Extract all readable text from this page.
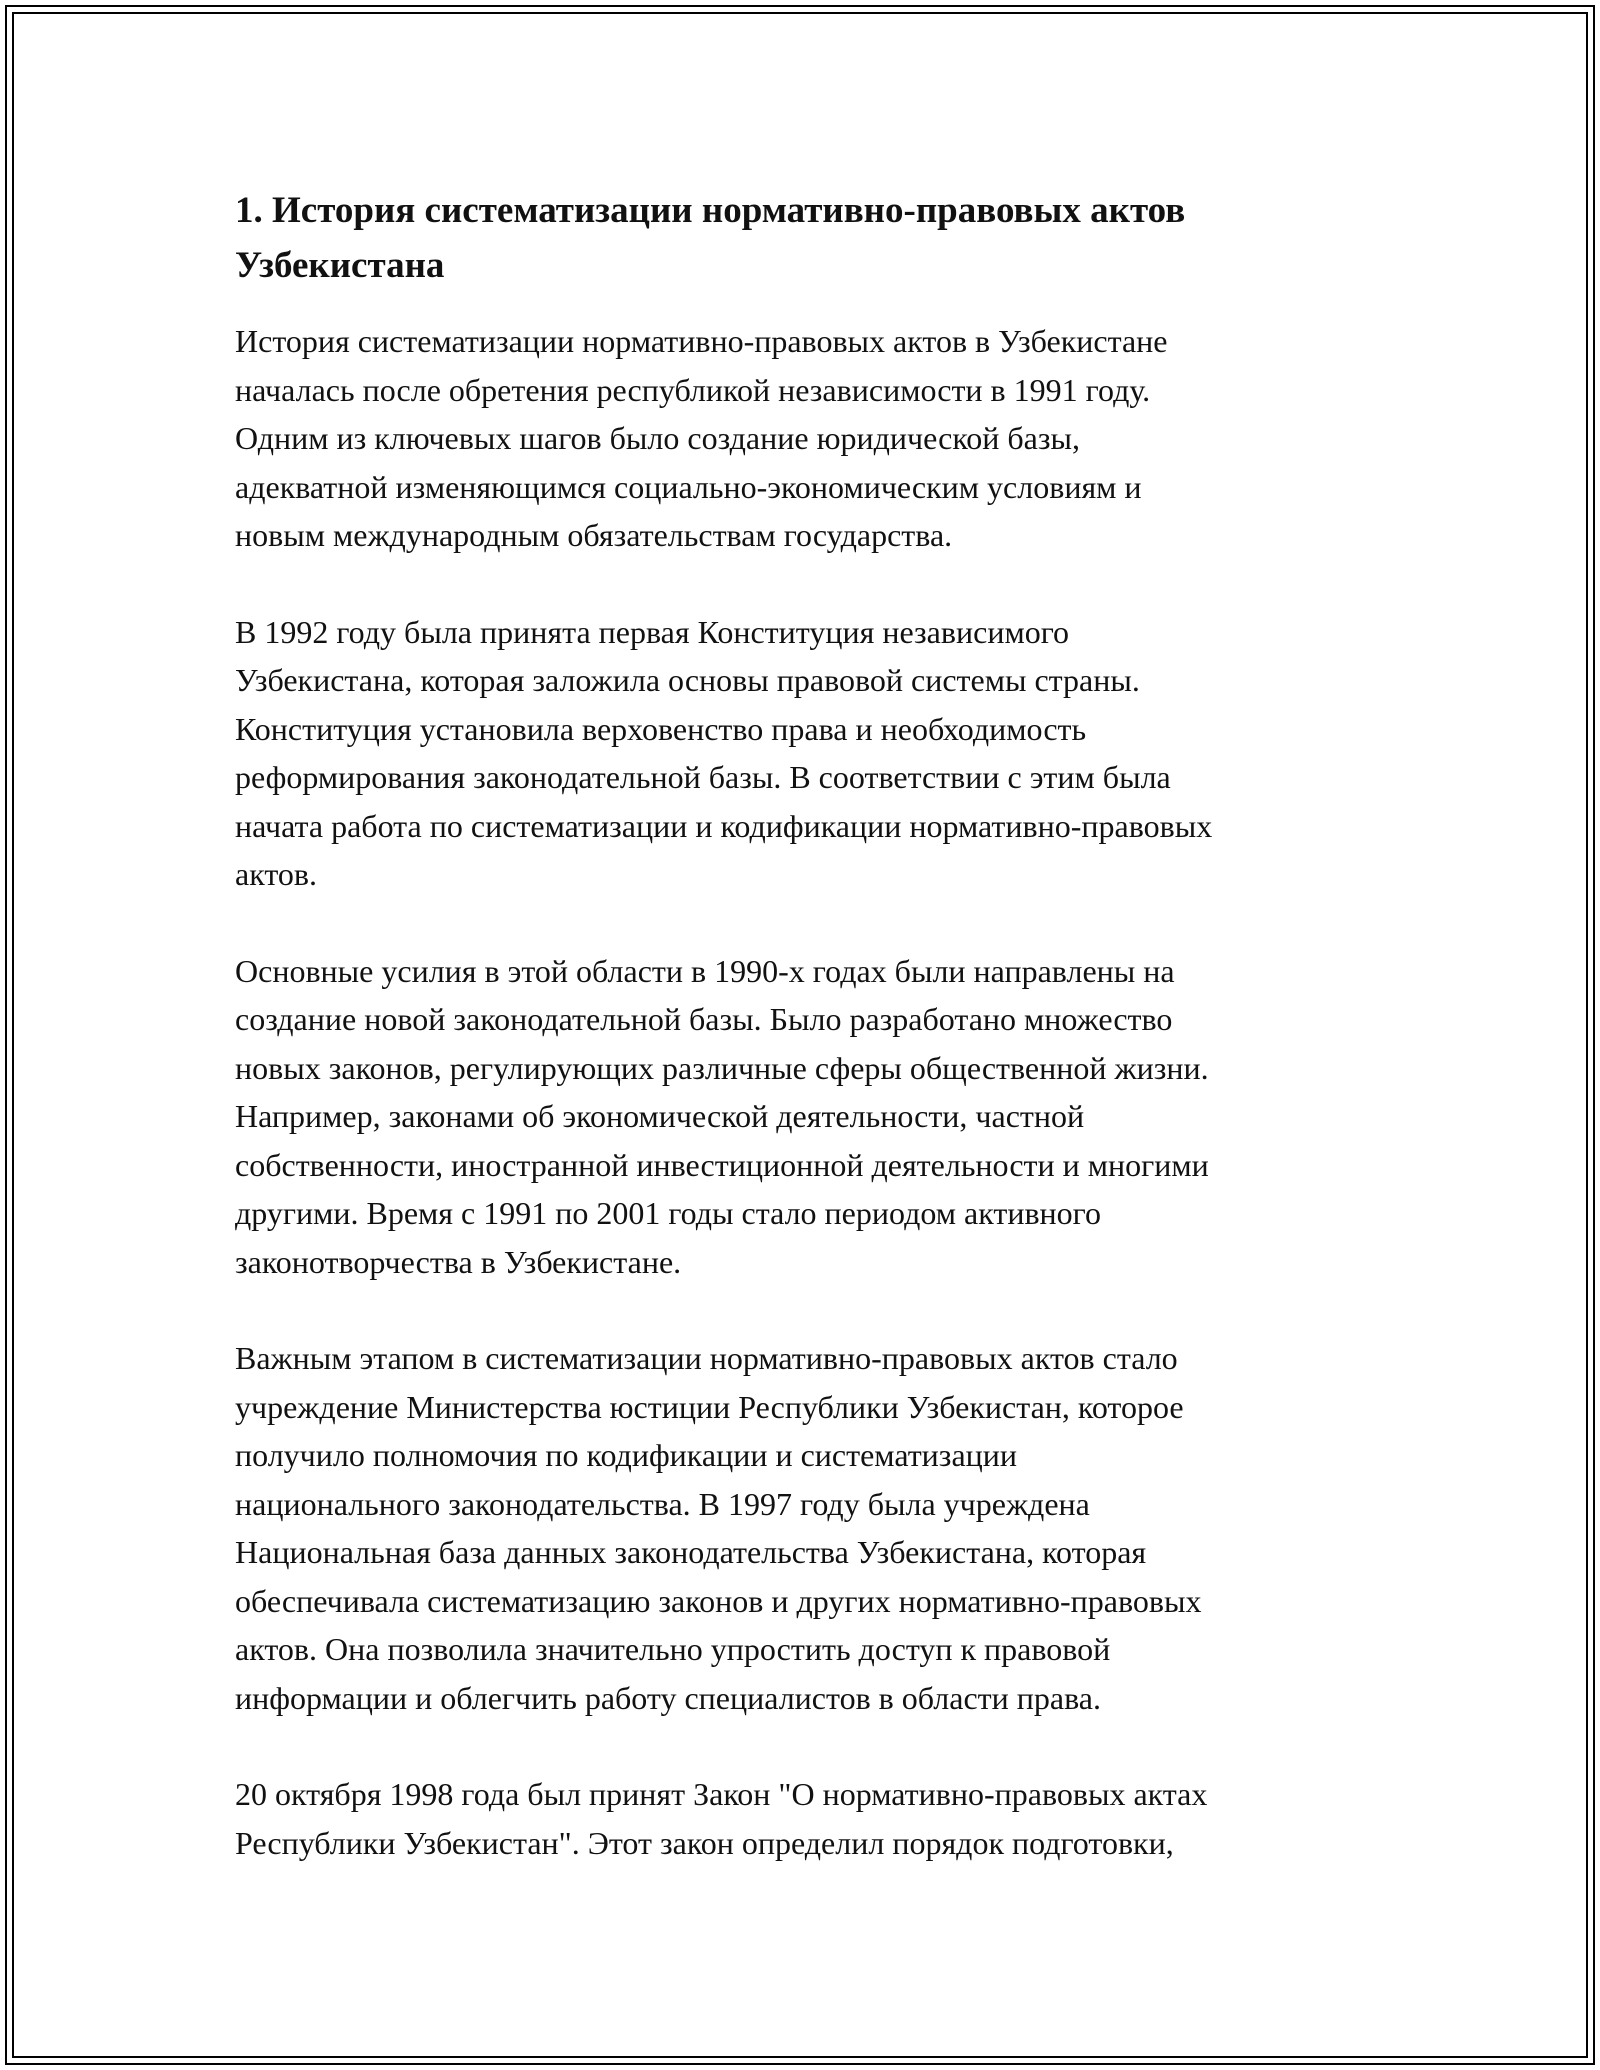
1. История систематизации нормативно-правовых актов
Узбекистана

История систематизации нормативно-правовых актов в Узбекистане
началась после обретения республикой независимости в 1991 году.
Одним из ключевых шагов было создание юридической базы,
адекватной изменяющимся социально-экономическим условиям и
новым международным обязательствам государства.

В 1992 году была принята первая Конституция независимого
Узбекистана, которая заложила основы правовой системы страны.
Конституция установила верховенство права и необходимость
реформирования законодательной базы. В соответствии с этим была
начата работа по систематизации и кодификации нормативно-правовых
актов.

Основные усилия в этой области в 1990-х годах были направлены на
создание новой законодательной базы. Было разработано множество
новых законов, регулирующих различные сферы общественной жизни.
Например, законами об экономической деятельности, частной
собственности, иностранной инвестиционной деятельности и многими
другими. Время с 1991 по 2001 годы стало периодом активного
законотворчества в Узбекистане.

Важным этапом в систематизации нормативно-правовых актов стало
учреждение Министерства юстиции Республики Узбекистан, которое
получило полномочия по кодификации и систематизации
национального законодательства. В 1997 году была учреждена
Национальная база данных законодательства Узбекистана, которая
обеспечивала систематизацию законов и других нормативно-правовых
актов. Она позволила значительно упростить доступ к правовой
информации и облегчить работу специалистов в области права.

20 октября 1998 года был принят Закон "О нормативно-правовых актах
Республики Узбекистан". Этот закон определил порядок подготовки,
